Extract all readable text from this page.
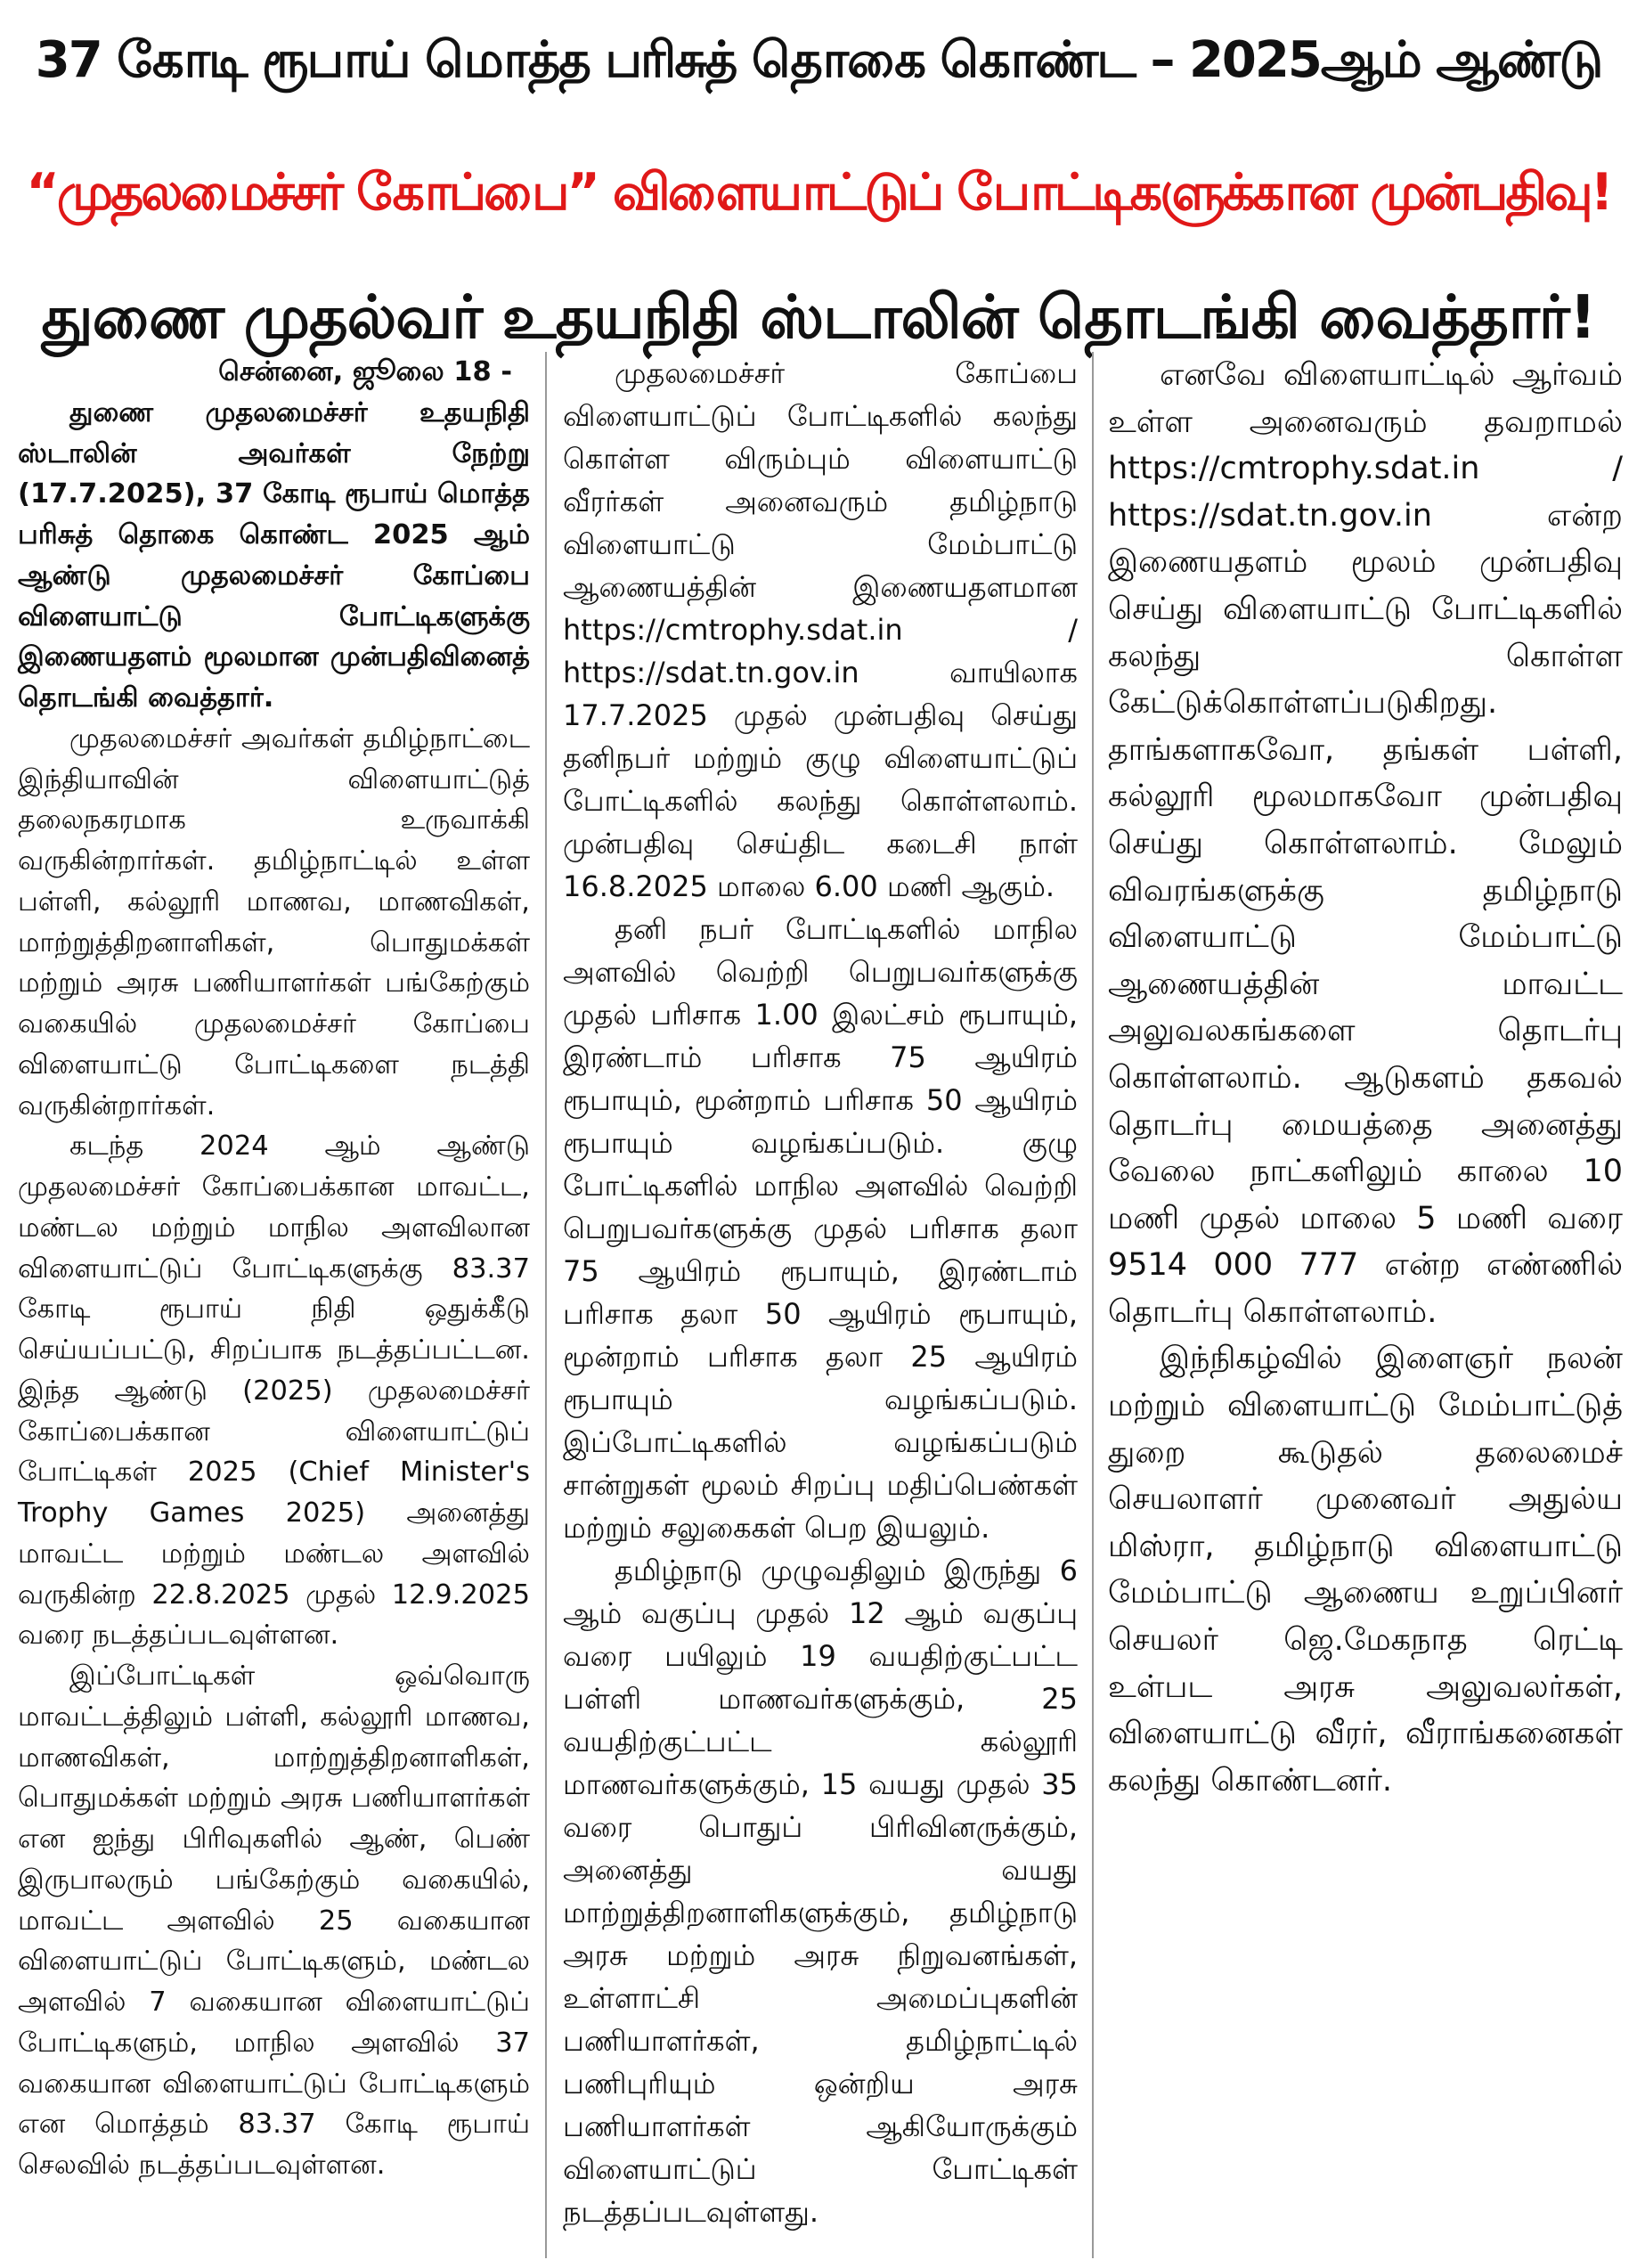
37 கோடி ரூபாய் மொத்த பரிசுத் தொகை கொண்ட – 2025ஆம் ஆண்டு
“முதலமைச்சர் கோப்பை” விளையாட்டுப் போட்டிகளுக்கான முன்பதிவு!
துணை முதல்வர் உதயநிதி ஸ்டாலின் தொடங்கி வைத்தார்!

சென்னை, ஜூலை 18 -

துணை முதலமைச்சர் உதயநிதி ஸ்டாலின் அவர்கள் நேற்று (17.7.2025), 37 கோடி ரூபாய் மொத்த பரிசுத் தொகை கொண்ட 2025 ஆம் ஆண்டு முதலமைச்சர் கோப்பை விளையாட்டு போட்டிகளுக்கு இணையதளம் மூலமான முன்பதிவினைத் தொடங்கி வைத்தார்.

முதலமைச்சர் அவர்கள் தமிழ்நாட்டை இந்தியாவின் விளையாட்டுத் தலைநகரமாக உருவாக்கி வருகின்றார்கள். தமிழ்நாட்டில் உள்ள பள்ளி, கல்லூரி மாணவ, மாணவிகள், மாற்றுத்திறனாளிகள், பொதுமக்கள் மற்றும் அரசு பணியாளர்கள் பங்கேற்கும் வகையில் முதலமைச்சர் கோப்பை விளையாட்டு போட்டிகளை நடத்தி வருகின்றார்கள்.

கடந்த 2024 ஆம் ஆண்டு முதலமைச்சர் கோப்பைக்கான மாவட்ட, மண்டல மற்றும் மாநில அளவிலான விளையாட்டுப் போட்டிகளுக்கு 83.37 கோடி ரூபாய் நிதி ஒதுக்கீடு செய்யப்பட்டு, சிறப்பாக நடத்தப்பட்டன. இந்த ஆண்டு (2025) முதலமைச்சர் கோப்பைக்கான விளையாட்டுப் போட்டிகள் 2025 (Chief Minister's Trophy Games 2025) அனைத்து மாவட்ட மற்றும் மண்டல அளவில் வருகின்ற 22.8.2025 முதல் 12.9.2025 வரை நடத்தப்படவுள்ளன.

இப்போட்டிகள் ஒவ்வொரு மாவட்டத்திலும் பள்ளி, கல்லூரி மாணவ, மாணவிகள், மாற்றுத்திறனாளிகள், பொதுமக்கள் மற்றும் அரசு பணியாளர்கள் என ஐந்து பிரிவுகளில் ஆண், பெண் இருபாலரும் பங்கேற்கும் வகையில், மாவட்ட அளவில் 25 வகையான விளையாட்டுப் போட்டிகளும், மண்டல அளவில் 7 வகையான விளையாட்டுப் போட்டிகளும், மாநில அளவில் 37 வகையான விளையாட்டுப் போட்டிகளும் என மொத்தம் 83.37 கோடி ரூபாய் செலவில் நடத்தப்படவுள்ளன.

முதலமைச்சர் கோப்பை விளையாட்டுப் போட்டிகளில் கலந்து கொள்ள விரும்பும் விளையாட்டு வீரர்கள் அனைவரும் தமிழ்நாடு விளையாட்டு மேம்பாட்டு ஆணையத்தின் இணையதளமான https://cmtrophy.sdat.in / https://sdat.tn.gov.in வாயிலாக 17.7.2025 முதல் முன்பதிவு செய்து தனிநபர் மற்றும் குழு விளையாட்டுப் போட்டிகளில் கலந்து கொள்ளலாம். முன்பதிவு செய்திட கடைசி நாள் 16.8.2025 மாலை 6.00 மணி ஆகும்.

தனி நபர் போட்டிகளில் மாநில அளவில் வெற்றி பெறுபவர்களுக்கு முதல் பரிசாக 1.00 இலட்சம் ரூபாயும், இரண்டாம் பரிசாக 75 ஆயிரம் ரூபாயும், மூன்றாம் பரிசாக 50 ஆயிரம் ரூபாயும் வழங்கப்படும். குழு போட்டிகளில் மாநில அளவில் வெற்றி பெறுபவர்களுக்கு முதல் பரிசாக தலா 75 ஆயிரம் ரூபாயும், இரண்டாம் பரிசாக தலா 50 ஆயிரம் ரூபாயும், மூன்றாம் பரிசாக தலா 25 ஆயிரம் ரூபாயும் வழங்கப்படும். இப்போட்டிகளில் வழங்கப்படும் சான்றுகள் மூலம் சிறப்பு மதிப்பெண்கள் மற்றும் சலுகைகள் பெற இயலும்.

தமிழ்நாடு முழுவதிலும் இருந்து 6 ஆம் வகுப்பு முதல் 12 ஆம் வகுப்பு வரை பயிலும் 19 வயதிற்குட்பட்ட பள்ளி மாணவர்களுக்கும், 25 வயதிற்குட்பட்ட கல்லூரி மாணவர்களுக்கும், 15 வயது முதல் 35 வரை பொதுப் பிரிவினருக்கும், அனைத்து வயது மாற்றுத்திறனாளிகளுக்கும், தமிழ்நாடு அரசு மற்றும் அரசு நிறுவனங்கள், உள்ளாட்சி அமைப்புகளின் பணியாளர்கள், தமிழ்நாட்டில் பணிபுரியும் ஒன்றிய அரசு பணியாளர்கள் ஆகியோருக்கும் விளையாட்டுப் போட்டிகள் நடத்தப்படவுள்ளது.

எனவே விளையாட்டில் ஆர்வம் உள்ள அனைவரும் தவறாமல் https://cmtrophy.sdat.in / https://sdat.tn.gov.in என்ற இணையதளம் மூலம் முன்பதிவு செய்து விளையாட்டு போட்டிகளில் கலந்து கொள்ள கேட்டுக்கொள்ளப்படுகிறது. தாங்களாகவோ, தங்கள் பள்ளி, கல்லூரி மூலமாகவோ முன்பதிவு செய்து கொள்ளலாம். மேலும் விவரங்களுக்கு தமிழ்நாடு விளையாட்டு மேம்பாட்டு ஆணையத்தின் மாவட்ட அலுவலகங்களை தொடர்பு கொள்ளலாம். ஆடுகளம் தகவல் தொடர்பு மையத்தை அனைத்து வேலை நாட்களிலும் காலை 10 மணி முதல் மாலை 5 மணி வரை 9514 000 777 என்ற எண்ணில் தொடர்பு கொள்ளலாம்.

இந்நிகழ்வில் இளைஞர் நலன் மற்றும் விளையாட்டு மேம்பாட்டுத் துறை கூடுதல் தலைமைச் செயலாளர் முனைவர் அதுல்ய மிஸ்ரா, தமிழ்நாடு விளையாட்டு மேம்பாட்டு ஆணைய உறுப்பினர் செயலர் ஜெ.மேகநாத ரெட்டி உள்பட அரசு அலுவலர்கள், விளையாட்டு வீரர், வீராங்கனைகள் கலந்து கொண்டனர்.
